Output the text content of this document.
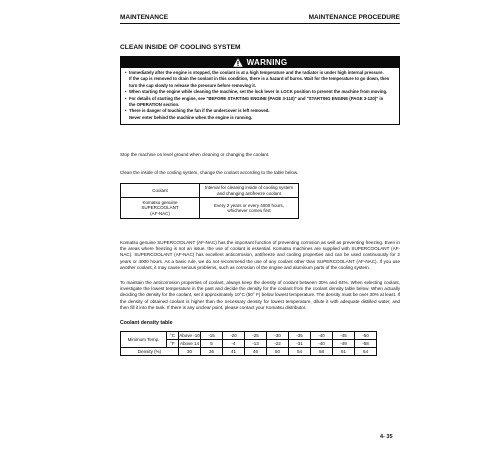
MAINTENANCE	MAINTENANCE PROCEDURE
CLEAN INSIDE OF COOLING SYSTEM
WARNING
• Immediately after the engine is stopped, the coolant is at a high temperature and the radiator is under high internal pressure.
If the cap is removed to drain the coolant in this condition, there is a hazard of burns. Wait for the temperature to go down, then
turn the cap slowly to release the pressure before removing it.
• When starting the engine while cleaning the machine, set the lock lever in LOCK position to prevent the machine from moving.
• For details of starting the engine, see "BEFORE STARTING ENGINE (PAGE 3-110)" and "STARTING ENGINE (PAGE 3-120)" in
the OPERATION section.
• There is danger of touching the fan if the undercover is left removed.
Never enter behind the machine when the engine is running.
Stop the machine on level ground when cleaning or changing the coolant.
Clean the inside of the cooling system, change the coolant according to the table below.
Coolant	Interval for cleaning inside of cooling system
and changing antifreeze coolant
Komatsu genuine
SUPERCOOLANT
(AF-NAC)	Every 2 years or every 4000 hours,
whichever comes first
Komatsu genuine SUPERCOOLANT (AF-NAC) has the important function of preventing corrosion as well as preventing freezing. Even in the areas where freezing is not an issue, the use of coolant is essential. Komatsu machines are supplied with SUPERCOOLANT (AF-NAC). SUPERCOOLANT (AF-NAC) has excellent anticorrosion, antifreeze and cooling properties and can be used continuously for 2 years or 4000 hours. As a basic rule, we do not recommend the use of any coolant other than SUPERCOOLANT (AF-NAC). If you use another coolant, it may cause serious problems, such as corrosion of the engine and aluminum parts of the cooling system.
To maintain the anticorrosion properties of coolant, always keep the density of coolant between 30% and 64%. When selecting coolant, investigate the lowest temperature in the past and decide the density for the coolant from the coolant density table below. When actually deciding the density for the coolant, set it approximately 10°C (50° F) below lowest temperature. The density must be over 30% at least. If the density of obtained coolant is higher than the necessary density for lowest temperature, dilute it with adequate distilled water, and then fill it into the tank. If there is any unclear point, please contact your Komatsu distributor.
Coolant density table
Minimum Temp.	°C	Above -10	-15	-20	-25	-30	-35	-40	-45	-50
	°F	Above 14	5	-4	-13	-22	-31	-40	-49	-58
Density (%)		30	36	41	46	50	54	58	61	64
4- 35
